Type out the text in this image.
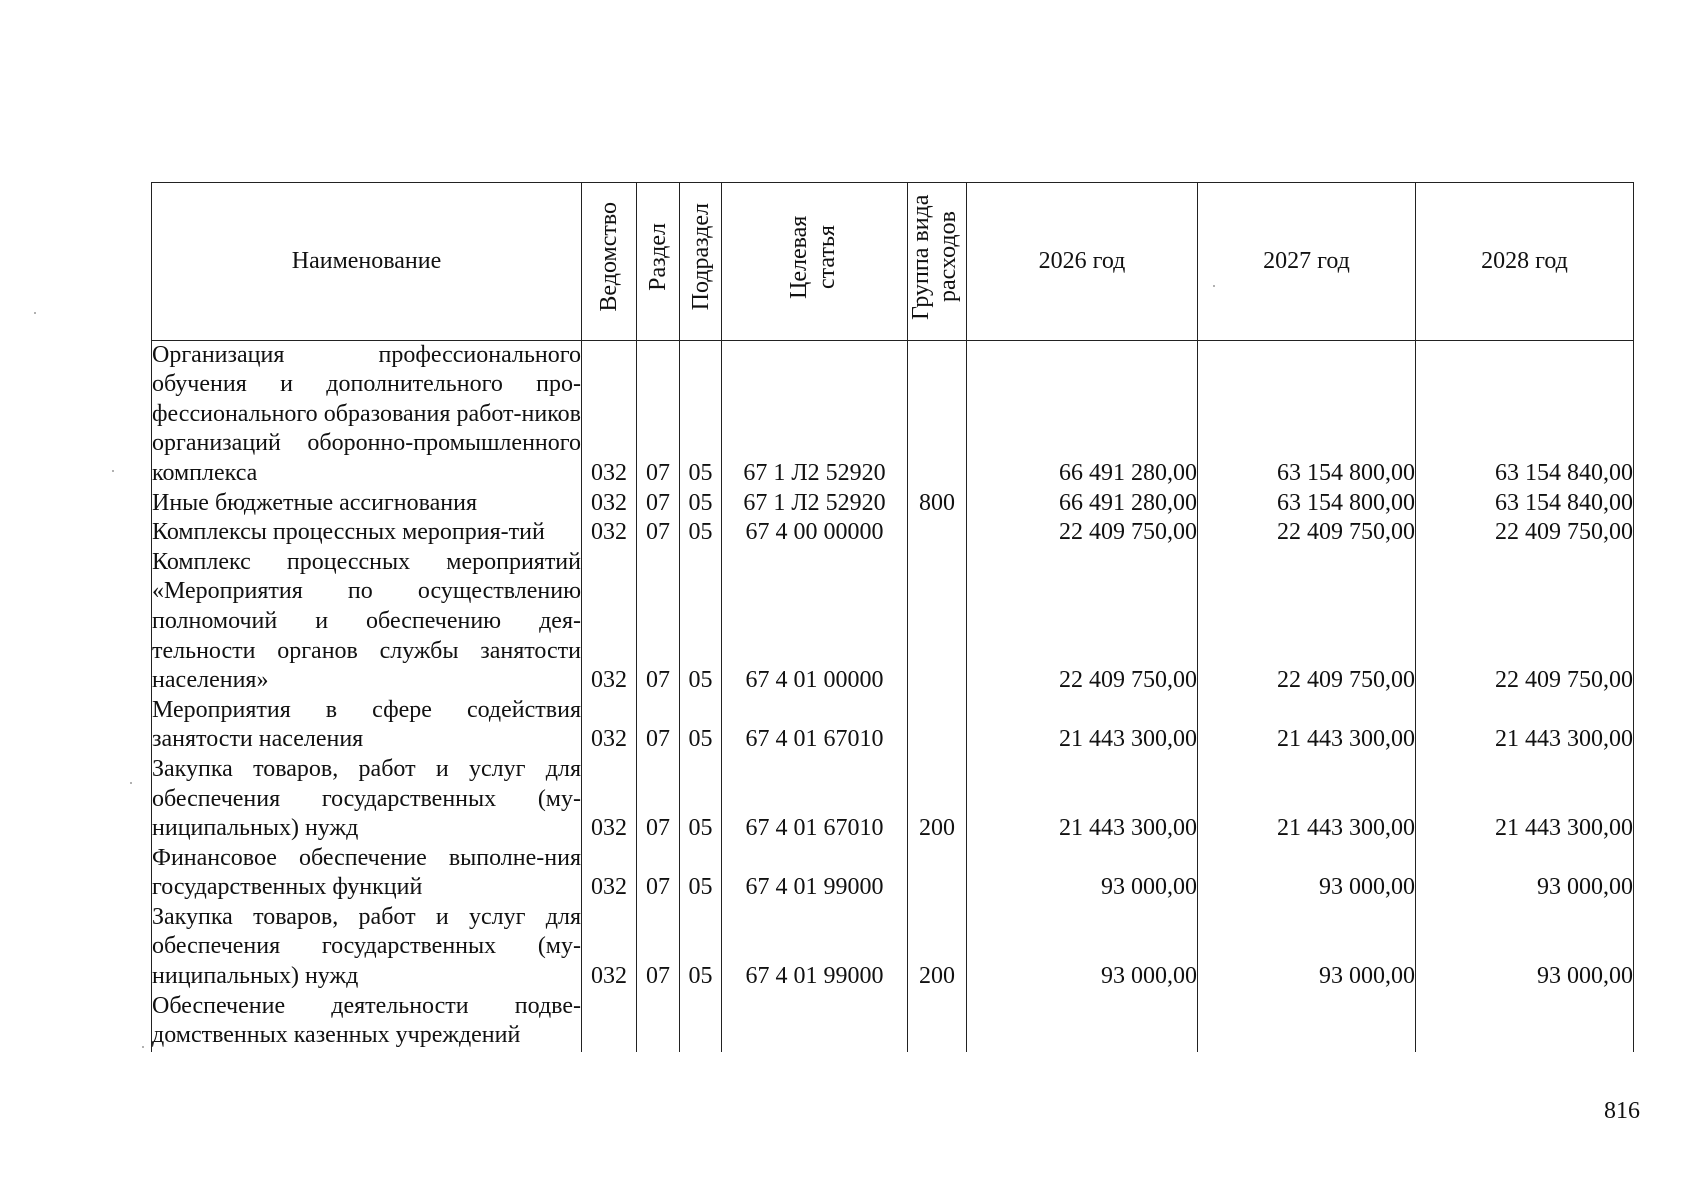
Наименование	Ведомство	Раздел	Подраздел	Целевая статья	Группа вида расходов	2026 год	2027 год	2028 год
Организация профессионального обучения и дополнительного про-фессионального образования работ-ников организаций оборонно-промышленного комплекса	032	07	05	67 1 Л2 52920		66 491 280,00	63 154 800,00	63 154 840,00
Иные бюджетные ассигнования	032	07	05	67 1 Л2 52920	800	66 491 280,00	63 154 800,00	63 154 840,00
Комплексы процессных мероприя-тий	032	07	05	67 4 00 00000		22 409 750,00	22 409 750,00	22 409 750,00
Комплекс процессных мероприятий «Мероприятия по осуществлению полномочий и обеспечению дея-тельности органов службы занятости населения»	032	07	05	67 4 01 00000		22 409 750,00	22 409 750,00	22 409 750,00
Мероприятия в сфере содействия занятости населения	032	07	05	67 4 01 67010		21 443 300,00	21 443 300,00	21 443 300,00
Закупка товаров, работ и услуг для обеспечения государственных (му-ниципальных) нужд	032	07	05	67 4 01 67010	200	21 443 300,00	21 443 300,00	21 443 300,00
Финансовое обеспечение выполне-ния государственных функций	032	07	05	67 4 01 99000		93 000,00	93 000,00	93 000,00
Закупка товаров, работ и услуг для обеспечения государственных (му-ниципальных) нужд	032	07	05	67 4 01 99000	200	93 000,00	93 000,00	93 000,00
Обеспечение деятельности подве-домственных казенных учреждений								
816
